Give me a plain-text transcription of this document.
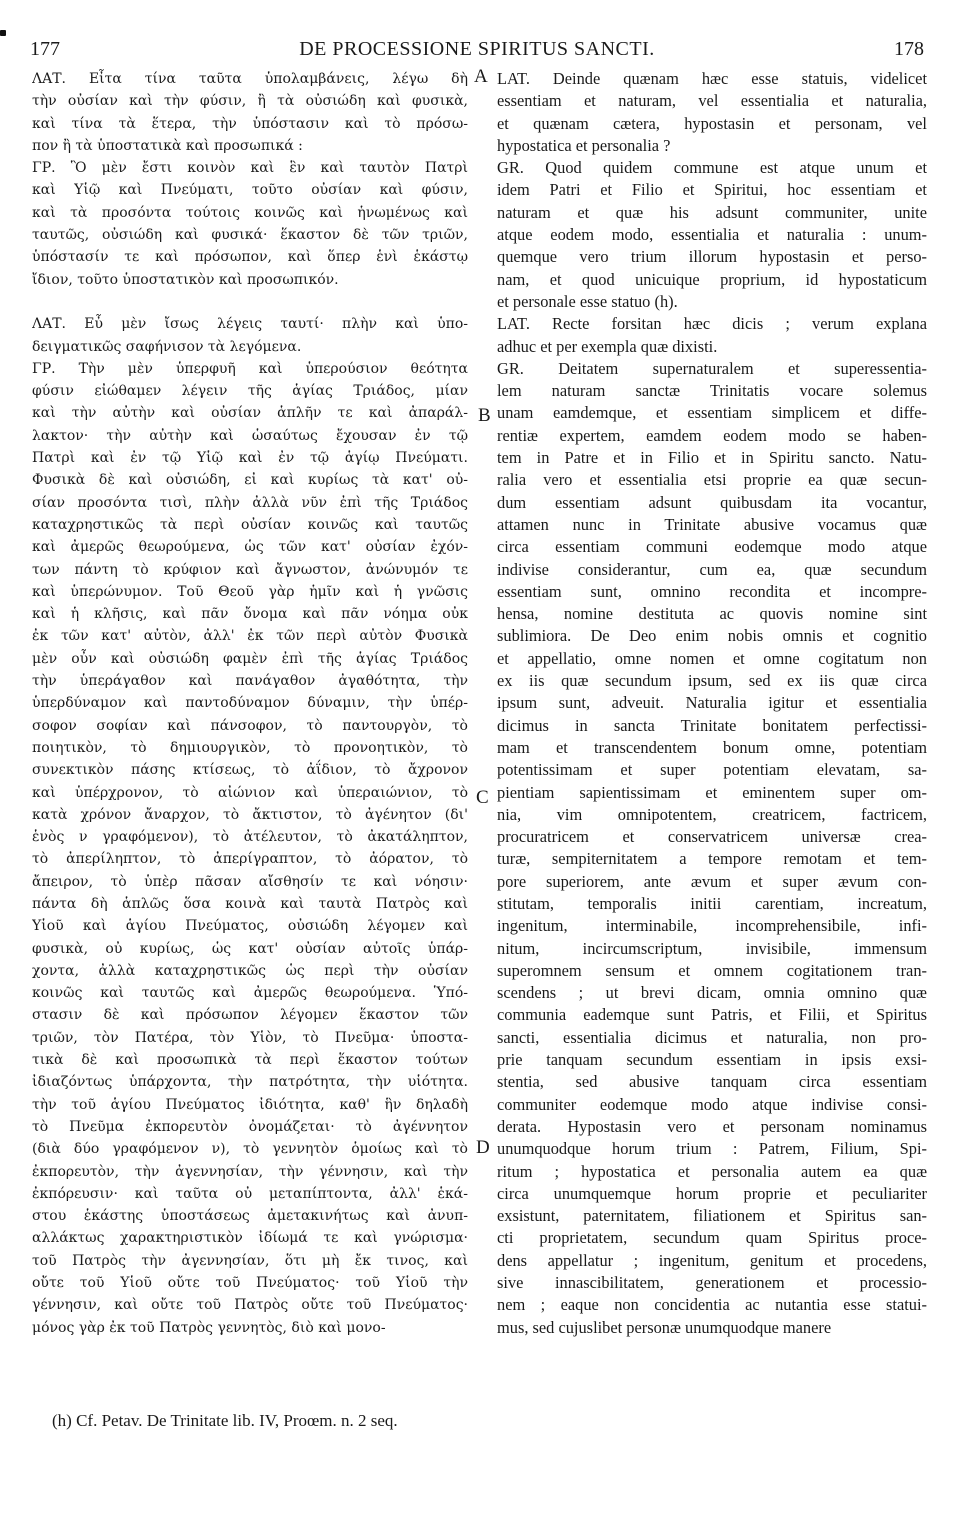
177	DE PROCESSIONE SPIRITUS SANCTI.	178
ΛΑΤ. Εἶτα τίνα ταῦτα ὑπολαμβάνεις, λέγω δὴ
τὴν οὐσίαν καὶ τὴν φύσιν, ἢ τὰ οὐσιώδη καὶ φυσικὰ,
καὶ τίνα τὰ ἕτερα, τὴν ὑπόστασιν καὶ τὸ πρόσω-
πον ἢ τὰ ὑποστατικὰ καὶ προσωπικά :
ΓΡ. Ὃ μὲν ἔστι κοινὸν καὶ ἓν καὶ ταυτὸν Πατρὶ
καὶ Υἱῷ καὶ Πνεύματι, τοῦτο οὐσίαν καὶ φύσιν,
καὶ τὰ προσόντα τούτοις κοινῶς καὶ ἡνωμένως καὶ
ταυτῶς, οὐσιώδη καὶ φυσικά· ἕκαστον δὲ τῶν τριῶν,
ὑπόστασίν τε καὶ πρόσωπον, καὶ ὅπερ ἑνὶ ἑκάστῳ
ἴδιον, τοῦτο ὑποστατικὸν καὶ προσωπικόν.
ΛΑΤ. Εὖ μὲν ἴσως λέγεις ταυτί· πλὴν καὶ ὑπο-
δειγματικῶς σαφήνισον τὰ λεγόμενα.
ΓΡ. Τὴν μὲν ὑπερφυῆ καὶ ὑπερούσιον θεότητα
φύσιν εἰώθαμεν λέγειν τῆς ἁγίας Τριάδος, μίαν
καὶ τὴν αὐτὴν καὶ οὐσίαν ἁπλῆν τε καὶ ἀπαράλ-
λακτον· τὴν αὐτὴν καὶ ὡσαύτως ἔχουσαν ἐν τῷ
Πατρὶ καὶ ἐν τῷ Υἱῷ καὶ ἐν τῷ ἁγίῳ Πνεύματι.
Φυσικὰ δὲ καὶ οὐσιώδη, εἰ καὶ κυρίως τὰ κατ' οὐ-
σίαν προσόντα τισὶ, πλὴν ἀλλὰ νῦν ἐπὶ τῆς Τριάδος
καταχρηστικῶς τὰ περὶ οὐσίαν κοινῶς καὶ ταυτῶς
καὶ ἀμερῶς θεωρούμενα, ὡς τῶν κατ' οὐσίαν ἐχόν-
των πάντη τὸ κρύφιον καὶ ἄγνωστον, ἀνώνυμόν τε
καὶ ὑπερώνυμον. Τοῦ Θεοῦ γὰρ ἡμῖν καὶ ἡ γνῶσις
καὶ ἡ κλῆσις, καὶ πᾶν ὄνομα καὶ πᾶν νόημα οὐκ
ἐκ τῶν κατ' αὐτὸν, ἀλλ' ἐκ τῶν περὶ αὐτὸν Φυσικὰ
μὲν οὖν καὶ οὐσιώδη φαμὲν ἐπὶ τῆς ἁγίας Τριάδος
τὴν ὑπεράγαθον καὶ πανάγαθον ἀγαθότητα, τὴν
ὑπερδύναμον καὶ παντοδύναμον δύναμιν, τὴν ὑπέρ-
σοφον σοφίαν καὶ πάνσοφον, τὸ παντουργὸν, τὸ
ποιητικὸν, τὸ δημιουργικὸν, τὸ προνοητικὸν, τὸ
συνεκτικὸν πάσης κτίσεως, τὸ ἀΐδιον, τὸ ἄχρονον
καὶ ὑπέρχρονον, τὸ αἰώνιον καὶ ὑπεραιώνιον, τὸ
κατὰ χρόνον ἄναρχον, τὸ ἄκτιστον, τὸ ἀγένητον (δι'
ἑνὸς ν γραφόμενον), τὸ ἀτέλευτον, τὸ ἀκατάληπτον,
τὸ ἀπερίληπτον, τὸ ἀπερίγραπτον, τὸ ἀόρατον, τὸ
ἄπειρον, τὸ ὑπὲρ πᾶσαν αἴσθησίν τε καὶ νόησιν·
πάντα δὴ ἁπλῶς ὅσα κοινὰ καὶ ταυτὰ Πατρὸς καὶ
Υἱοῦ καὶ ἁγίου Πνεύματος, οὐσιώδη λέγομεν καὶ
φυσικὰ, οὐ κυρίως, ὡς κατ' οὐσίαν αὐτοῖς ὑπάρ-
χοντα, ἀλλὰ καταχρηστικῶς ὡς περὶ τὴν οὐσίαν
κοινῶς καὶ ταυτῶς καὶ ἀμερῶς θεωρούμενα. Ὑπό-
στασιν δὲ καὶ πρόσωπον λέγομεν ἕκαστον τῶν
τριῶν, τὸν Πατέρα, τὸν Υἱὸν, τὸ Πνεῦμα· ὑποστα-
τικὰ δὲ καὶ προσωπικὰ τὰ περὶ ἕκαστον τούτων
ἰδιαζόντως ὑπάρχοντα, τὴν πατρότητα, τὴν υἱότητα.
τὴν τοῦ ἁγίου Πνεύματος ἰδιότητα, καθ' ἣν δηλαδὴ
τὸ Πνεῦμα ἐκπορευτὸν ὀνομάζεται· τὸ ἀγέννητον
(διὰ δύο γραφόμενον ν), τὸ γεννητὸν ὁμοίως καὶ τὸ
ἐκπορευτὸν, τὴν ἀγεννησίαν, τὴν γέννησιν, καὶ τὴν
ἐκπόρευσιν· καὶ ταῦτα οὐ μεταπίπτοντα, ἀλλ' ἑκά-
στου ἑκάστης ὑποστάσεως ἀμετακινήτως καὶ ἀνυπ-
αλλάκτως χαρακτηριστικὸν ἰδίωμά τε καὶ γνώρισμα·
τοῦ Πατρὸς τὴν ἀγεννησίαν, ὅτι μὴ ἔκ τινος, καὶ
οὔτε τοῦ Υἱοῦ οὔτε τοῦ Πνεύματος· τοῦ Υἱοῦ τὴν
γέννησιν, καὶ οὔτε τοῦ Πατρὸς οὔτε τοῦ Πνεύματος·
μόνος γὰρ ἐκ τοῦ Πατρὸς γεννητὸς, διὸ καὶ μονο-
LAT. Deinde quænam hæc esse statuis, videlicet
essentiam et naturam, vel essentialia et naturalia,
et quænam cætera, hypostasin et personam, vel
hypostatica et personalia ?
GR. Quod quidem commune est atque unum et
idem Patri et Filio et Spiritui, hoc essentiam et
naturam et quæ his adsunt communiter, unite
atque eodem modo, essentialia et naturalia : unum-
quemque vero trium illorum hypostasin et perso-
nam, et quod unicuique proprium, id hypostaticum
et personale esse statuo (h).
LAT. Recte forsitan hæc dicis ; verum explana
adhuc et per exempla quæ dixisti.
GR. Deitatem supernaturalem et superessentia-
lem naturam sanctæ Trinitatis vocare solemus
unam eamdemque, et essentiam simplicem et diffe-
rentiæ expertem, eamdem eodem modo se haben-
tem in Patre et in Filio et in Spiritu sancto. Natu-
ralia vero et essentialia etsi proprie ea quæ secun-
dum essentiam adsunt quibusdam ita vocantur,
attamen nunc in Trinitate abusive vocamus quæ
circa essentiam communi eodemque modo atque
indivise considerantur, cum ea, quæ secundum
essentiam sunt, omnino recondita et incompre-
hensa, nomine destituta ac quovis nomine sint
sublimiora. De Deo enim nobis omnis et cognitio
et appellatio, omne nomen et omne cogitatum non
ex iis quæ secundum ipsum, sed ex iis quæ circa
ipsum sunt, adveuit. Naturalia igitur et essentialia
dicimus in sancta Trinitate bonitatem perfectissi-
mam et transcendentem bonum omne, potentiam
potentissimam et super potentiam elevatam, sa-
pientiam sapientissimam et eminentem super om-
nia, vim omnipotentem, creatricem, factricem,
procuratricem et conservatricem universæ crea-
turæ, sempiternitatem a tempore remotam et tem-
pore superiorem, ante ævum et super ævum con-
stitutam, temporalis initii carentiam, increatum,
ingenitum, interminabile, incomprehensibile, infi-
nitum, incircumscriptum, invisibile, immensum
superomnem sensum et omnem cogitationem tran-
scendens ; ut brevi dicam, omnia omnino quæ
communia eademque sunt Patris, et Filii, et Spiritus
sancti, essentialia dicimus et naturalia, non pro-
prie tanquam secundum essentiam in ipsis exsi-
stentia, sed abusive tanquam circa essentiam
communiter eodemque modo atque indivise consi-
derata. Hypostasin vero et personam nominamus
unumquodque horum trium : Patrem, Filium, Spi-
ritum ; hypostatica et personalia autem ea quæ
circa unumquemque horum proprie et peculiariter
exsistunt, paternitatem, filiationem et Spiritus san-
cti proprietatem, secundum quam Spiritus proce-
dens appellatur ; ingenitum, genitum et procedens,
sive innascibilitatem, generationem et processio-
nem ; eaque non concidentia ac nutantia esse statui-
mus, sed cujuslibet personæ unumquodque manere
A
B
C
D
(h) Cf. Petav. De Trinitate lib. IV, Proœm. n. 2 seq.
